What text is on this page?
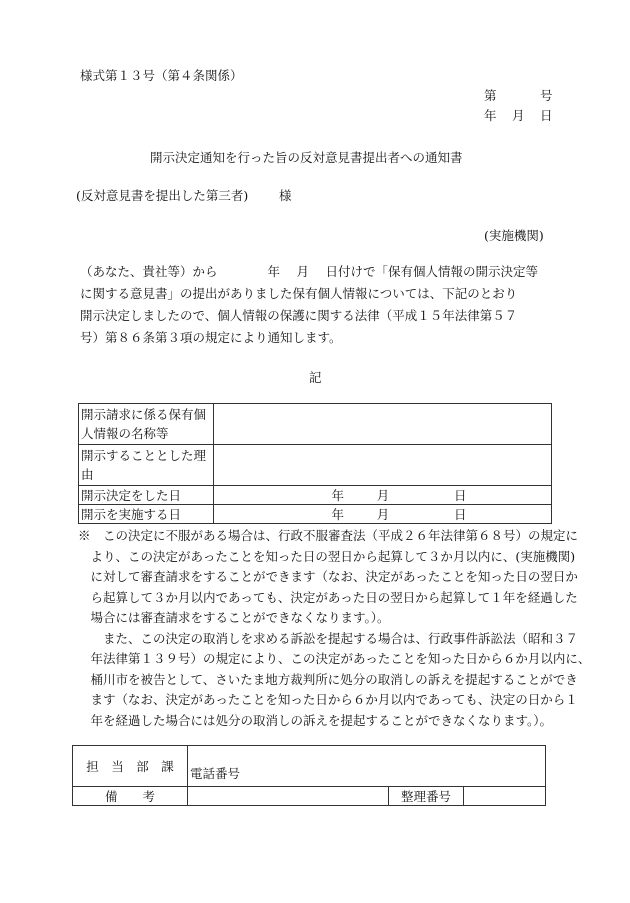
様式第１３号（第４条関係）
第	号
年 月 日
開示決定通知を行った旨の反対意見書提出者への通知書
(反対意見書を提出した第三者) 様
(実施機関)
（あなた、貴社等）から　　　　年　 月 　日付けで「保有個人情報の開示決定等
に関する意見書」の提出がありました保有個人情報については、下記のとおり
開示決定しましたので、個人情報の保護に関する法律（平成１５年法律第５７
号）第８６条第３項の規定により通知します。
記
開示請求に係る保有個
人情報の名称等			

開示することとした理
由			

開示決定をした日	年	月	日
開示を実施する日	年	月	日
※　この決定に不服がある場合は、行政不服審査法（平成２６年法律第６８号）の規定に
　より、この決定があったことを知った日の翌日から起算して３か月以内に、(実施機関)
　に対して審査請求をすることができます（なお、決定があったことを知った日の翌日か
　ら起算して３か月以内であっても、決定があった日の翌日から起算して１年を経過した
　場合には審査請求をすることができなくなります。）。
　　また、この決定の取消しを求める訴訟を提起する場合は、行政事件訴訟法（昭和３７
　年法律第１３９号）の規定により、この決定があったことを知った日から６か月以内に、
　桶川市を被告として、さいたま地方裁判所に処分の取消しの訴えを提起することができ
　ます（なお、決定があったことを知った日から６か月以内であっても、決定の日から１
　年を経過した場合には処分の取消しの訴えを提起することができなくなります。）。
担　当　部　課	電話番号		
備　　考		整理番号	
